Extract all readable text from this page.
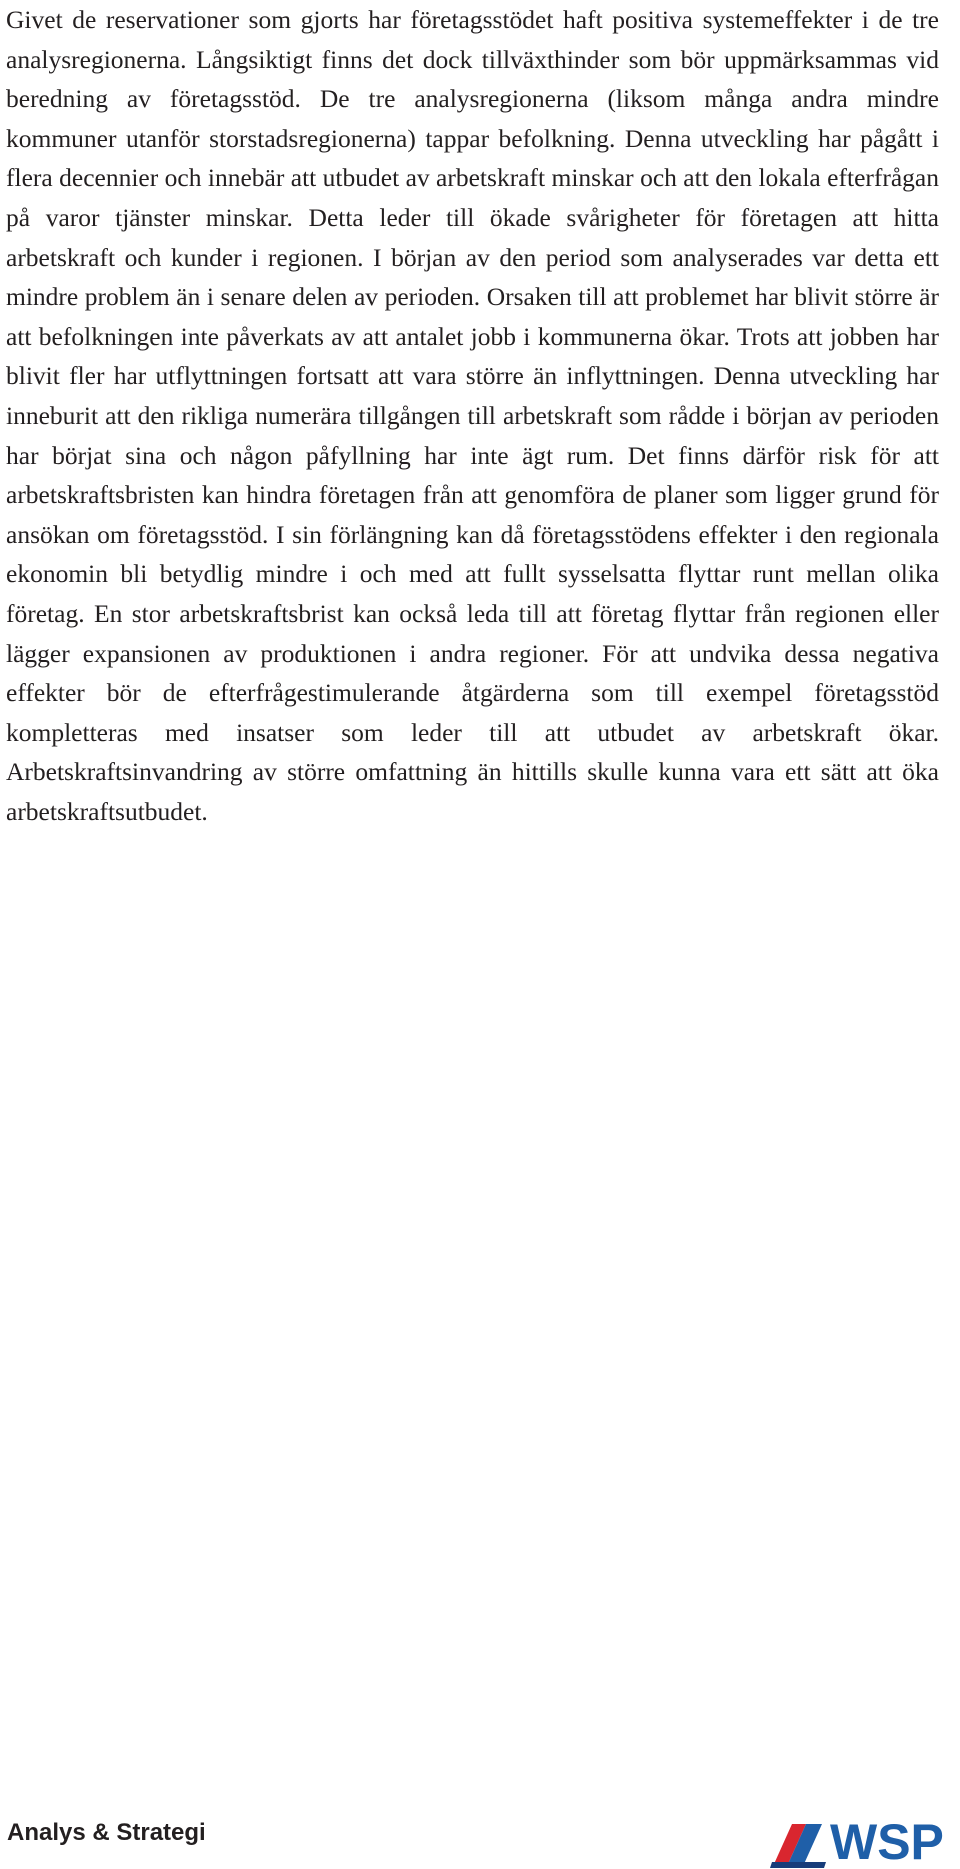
Givet de reservationer som gjorts har företagsstödet haft positiva systemeffekter i de tre analysregionerna. Långsiktigt finns det dock tillväxthinder som bör uppmärksammas vid beredning av företagsstöd. De tre analysregionerna (liksom många andra mindre kommuner utanför storstadsregionerna) tappar befolkning. Denna utveckling har pågått i flera decennier och innebär att utbudet av arbetskraft minskar och att den lokala efterfrågan på varor tjänster minskar. Detta leder till ökade svårigheter för företagen att hitta arbetskraft och kunder i regionen. I början av den period som analyserades var detta ett mindre problem än i senare delen av perioden. Orsaken till att problemet har blivit större är att befolkningen inte påverkats av att antalet jobb i kommunerna ökar. Trots att jobben har blivit fler har utflyttningen fortsatt att vara större än inflyttningen. Denna utveckling har inneburit att den rikliga numerära tillgången till arbetskraft som rådde i början av perioden har börjat sina och någon påfyllning har inte ägt rum. Det finns därför risk för att arbetskraftsbristen kan hindra företagen från att genomföra de planer som ligger grund för ansökan om företagsstöd. I sin förlängning kan då företagsstödens effekter i den regionala ekonomin bli betydlig mindre i och med att fullt sysselsatta flyttar runt mellan olika företag. En stor arbetskraftsbrist kan också leda till att företag flyttar från regionen eller lägger expansionen av produktionen i andra regioner. För att undvika dessa negativa effekter bör de efterfrågestimulerande åtgärderna som till exempel företagsstöd kompletteras med insatser som leder till att utbudet av arbetskraft ökar. Arbetskraftsinvandring av större omfattning än hittills skulle kunna vara ett sätt att öka arbetskraftsutbudet.

Analys & Strategi	WSP
